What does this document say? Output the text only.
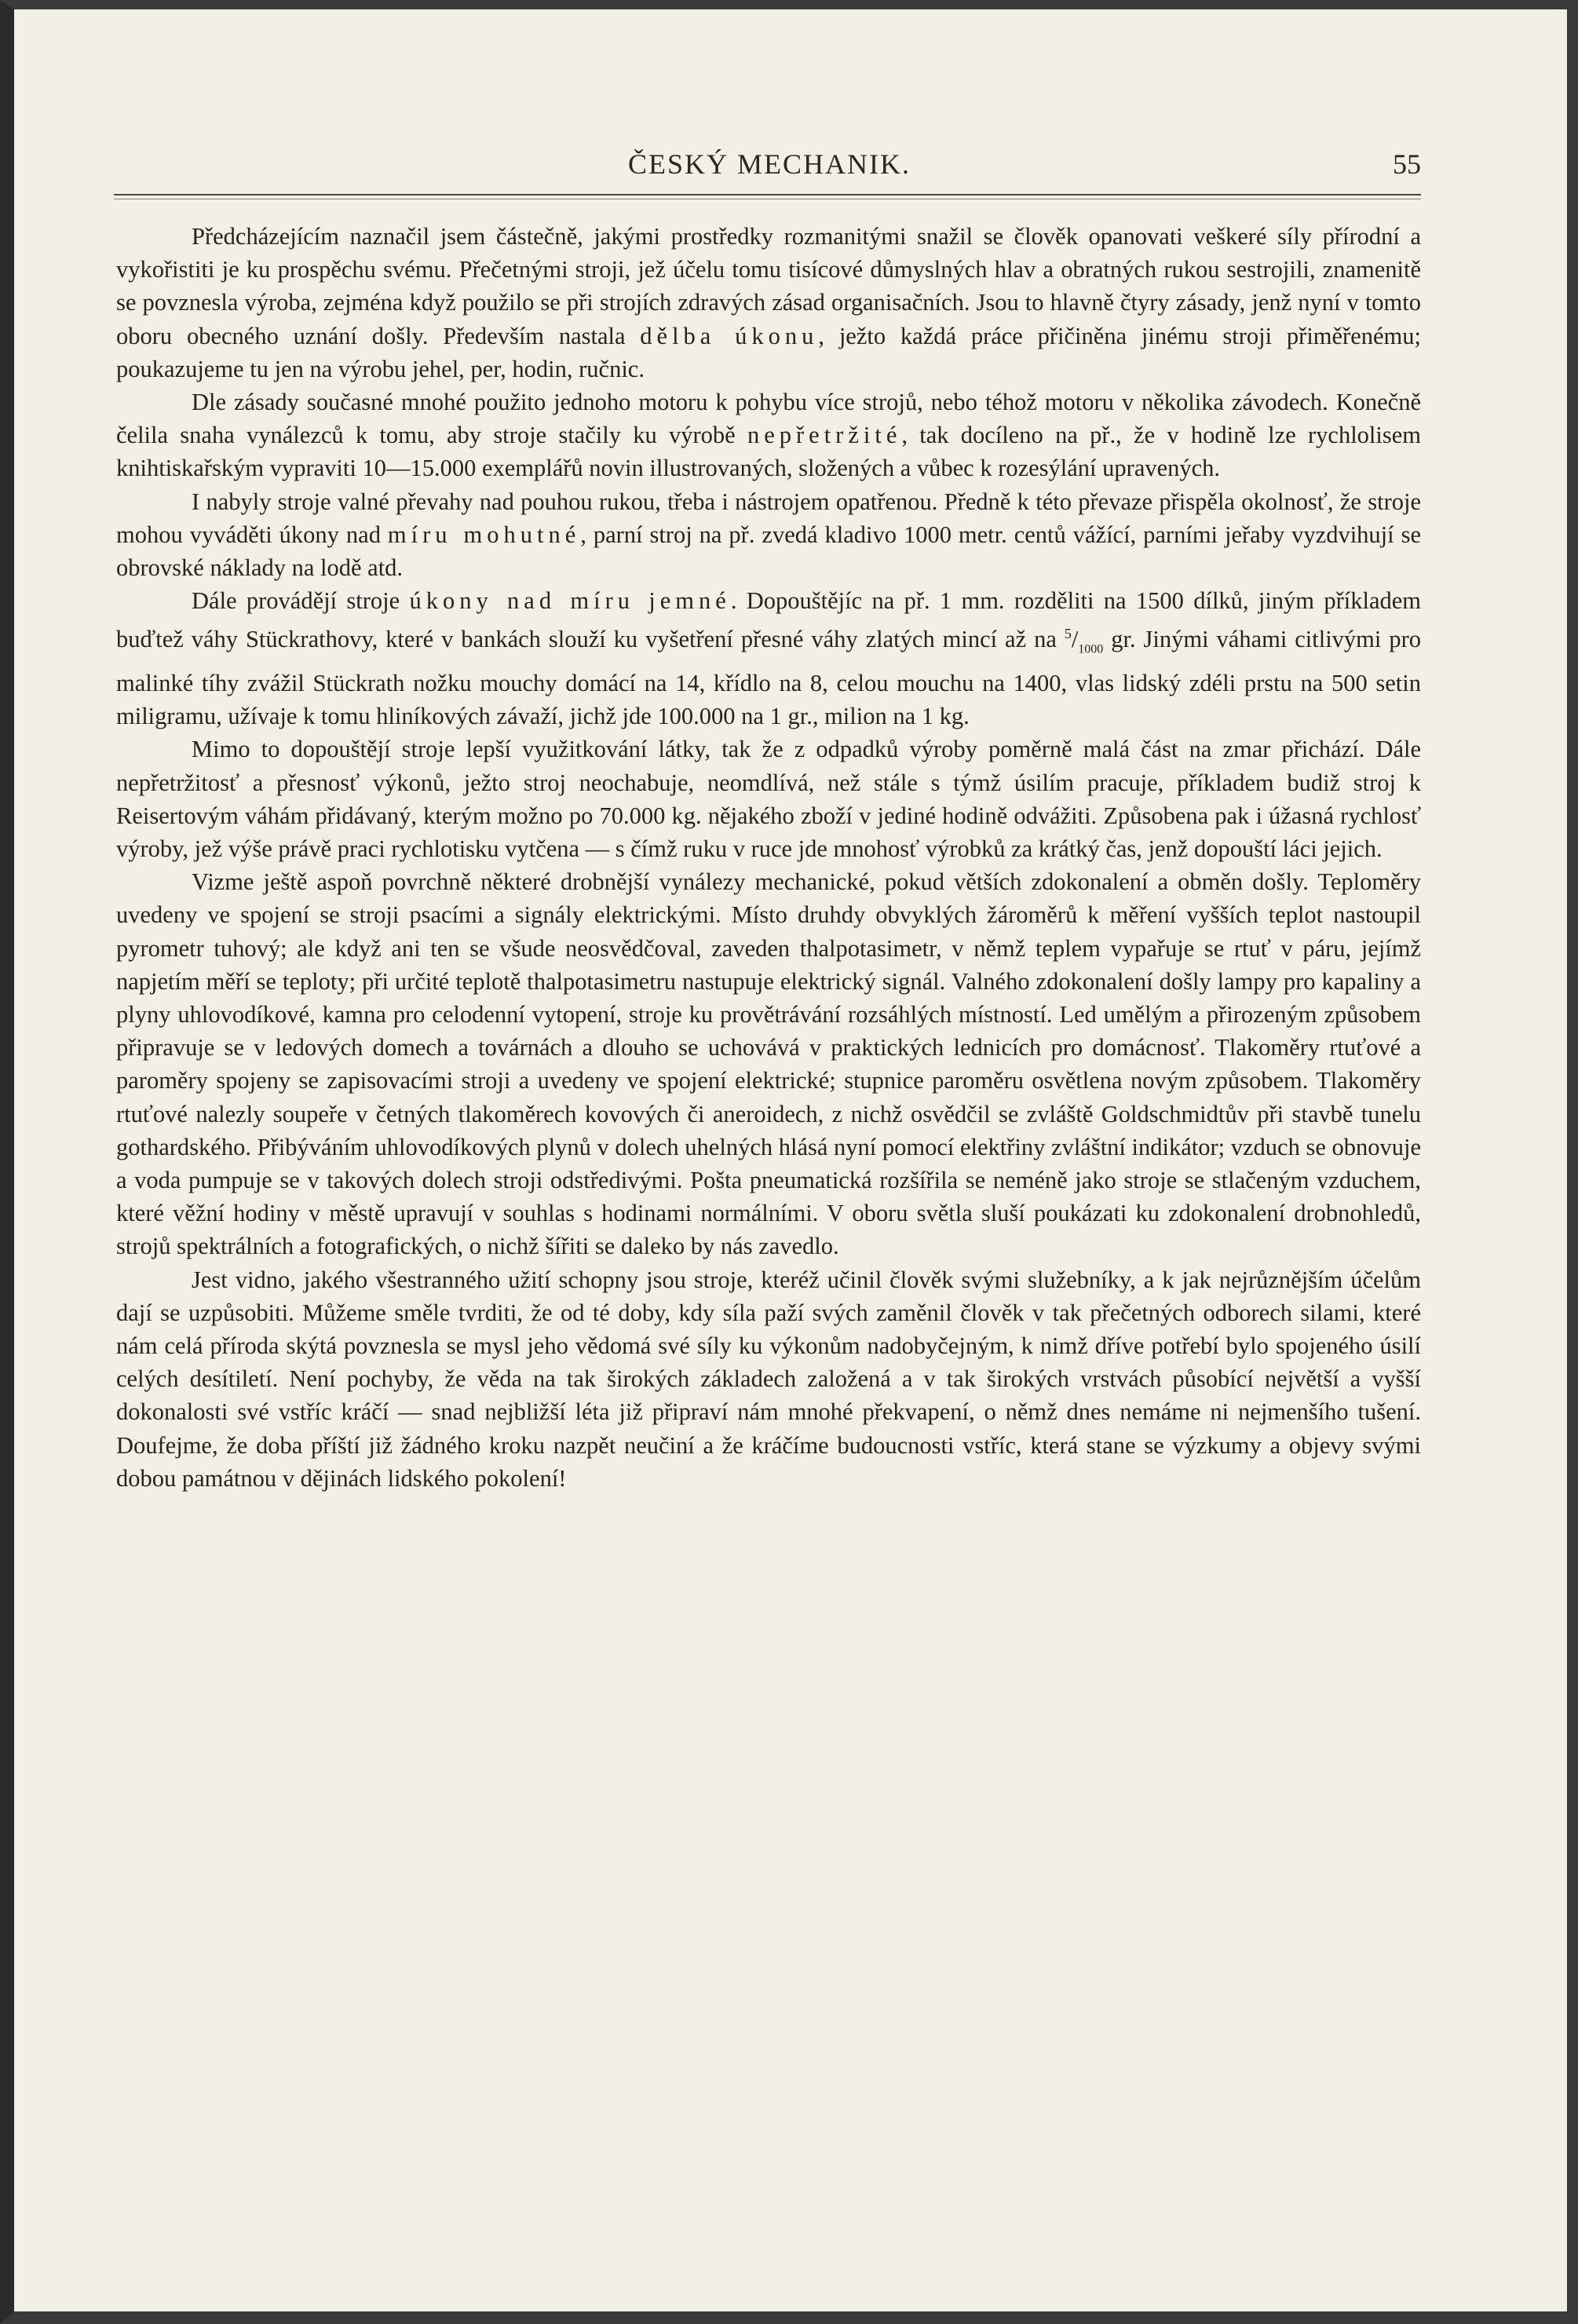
ČESKÝ MECHANIK.	55

Předcházejícím naznačil jsem částečně, jakými prostředky rozmanitými snažil se člověk opanovati veškeré síly přírodní a vykořistiti je ku prospěchu svému. Přečetnými stroji, jež účelu tomu tisícové důmyslných hlav a obratných rukou sestrojili, znamenitě se povznesla výroba, zejména když použilo se při strojích zdravých zásad organisačních. Jsou to hlavně čtyry zásady, jenž nyní v tomto oboru obecného uznání došly. Především nastala dělba úkonu, ježto každá práce přičiněna jinému stroji přiměřenému; poukazujeme tu jen na výrobu jehel, per, hodin, ručnic.

Dle zásady současné mnohé použito jednoho motoru k pohybu více strojů, nebo téhož motoru v několika závodech. Konečně čelila snaha vynálezců k tomu, aby stroje stačily ku výrobě nepřetržité, tak docíleno na př., že v hodině lze rychlolisem knihtiskařským vypraviti 10—15.000 exemplářů novin illustrovaných, složených a vůbec k rozesýlání upravených.

I nabyly stroje valné převahy nad pouhou rukou, třeba i nástrojem opatřenou. Předně k této převaze přispěla okolnosť, že stroje mohou vyváděti úkony nad míru mohutné, parní stroj na př. zvedá kladivo 1000 metr. centů vážící, parními jeřaby vyzdvihují se obrovské náklady na lodě atd.

Dále provádějí stroje úkony nad míru jemné. Dopouštějíc na př. 1 mm. rozděliti na 1500 dílků, jiným příkladem buďtež váhy Stückrathovy, které v bankách slouží ku vyšetření přesné váhy zlatých mincí až na $^5/_{1000}$ gr. Jinými váhami citlivými pro malinké tíhy zvážil Stückrath nožku mouchy domácí na 14, křídlo na 8, celou mouchu na 1400, vlas lidský zdéli prstu na 500 setin miligramu, užívaje k tomu hliníkových závaží, jichž jde 100.000 na 1 gr., milion na 1 kg.

Mimo to dopouštějí stroje lepší využitkování látky, tak že z odpadků výroby poměrně malá část na zmar přichází. Dále nepřetržitosť a přesnosť výkonů, ježto stroj neochabuje, neomdlívá, než stále s týmž úsilím pracuje, příkladem budiž stroj k Reisertovým váhám přidávaný, kterým možno po 70.000 kg. nějakého zboží v jediné hodině odvážiti. Způsobena pak i úžasná rychlosť výroby, jež výše právě praci rychlotisku vytčena — s čímž ruku v ruce jde mnohosť výrobků za krátký čas, jenž dopouští láci jejich.

Vizme ještě aspoň povrchně některé drobnější vynálezy mechanické, pokud větších zdokonalení a obměn došly. Teploměry uvedeny ve spojení se stroji psacími a signály elektrickými. Místo druhdy obvyklých žároměrů k měření vyšších teplot nastoupil pyrometr tuhový; ale když ani ten se všude neosvědčoval, zaveden thalpotasimetr, v němž teplem vypařuje se rtuť v páru, jejímž napjetím měří se teploty; při určité teplotě thalpotasimetru nastupuje elektrický signál. Valného zdokonalení došly lampy pro kapaliny a plyny uhlovodíkové, kamna pro celodenní vytopení, stroje ku provětrávání rozsáhlých místností. Led umělým a přirozeným způsobem připravuje se v ledových domech a továrnách a dlouho se uchovává v praktických lednicích pro domácnosť. Tlakoměry rtuťové a paroměry spojeny se zapisovacími stroji a uvedeny ve spojení elektrické; stupnice paroměru osvětlena novým způsobem. Tlakoměry rtuťové nalezly soupeře v četných tlakoměrech kovových či aneroidech, z nichž osvědčil se zvláště Goldschmidtův při stavbě tunelu gothardského. Přibýváním uhlovodíkových plynů v dolech uhelných hlásá nyní pomocí elektřiny zvláštní indikátor; vzduch se obnovuje a voda pumpuje se v takových dolech stroji odstředivými. Pošta pneumatická rozšířila se neméně jako stroje se stlačeným vzduchem, které věžní hodiny v městě upravují v souhlas s hodinami normálními. V oboru světla sluší poukázati ku zdokonalení drobnohledů, strojů spektrálních a fotografických, o nichž šířiti se daleko by nás zavedlo.

Jest vidno, jakého všestranného užití schopny jsou stroje, kteréž učinil člověk svými služebníky, a k jak nejrůznějším účelům dají se uzpůsobiti. Můžeme směle tvrditi, že od té doby, kdy síla paží svých zaměnil člověk v tak přečetných odborech silami, které nám celá příroda skýtá povznesla se mysl jeho vědomá své síly ku výkonům nadobyčejným, k nimž dříve potřebí bylo spojeného úsilí celých desítiletí. Není pochyby, že věda na tak širokých základech založená a v tak širokých vrstvách působící největší a vyšší dokonalosti své vstříc kráčí — snad nejbližší léta již připraví nám mnohé překvapení, o němž dnes nemáme ni nejmenšího tušení. Doufejme, že doba příští již žádného kroku nazpět neučiní a že kráčíme budoucnosti vstříc, která stane se výzkumy a objevy svými dobou památnou v dějinách lidského pokolení!
